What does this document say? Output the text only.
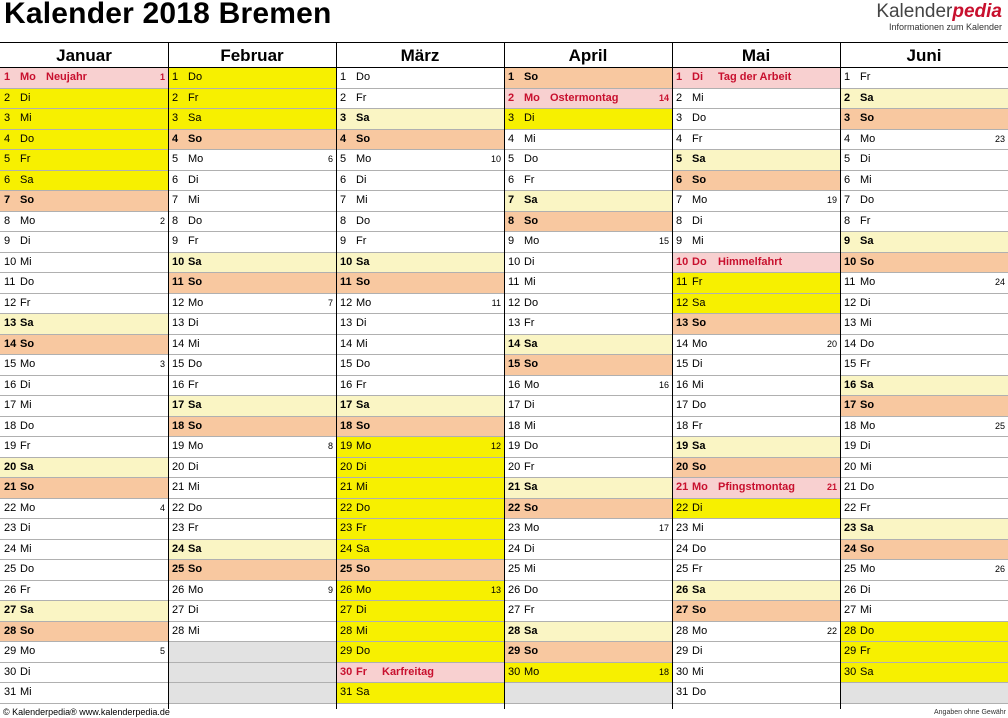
Kalender 2018 Bremen	Kalenderpedia
Informationen zum Kalender
Januar
1 Mo Neujahr	1
2 Di
3 Mi
4 Do
5 Fr
6 Sa
7 So
8 Mo	2
9 Di
10 Mi
11 Do
12 Fr
13 Sa
14 So
15 Mo	3
16 Di
17 Mi
18 Do
19 Fr
20 Sa
21 So
22 Mo	4
23 Di
24 Mi
25 Do
26 Fr
27 Sa
28 So
29 Mo	5
30 Di
31 Mi
Februar
1 Do
2 Fr
3 Sa
4 So
5 Mo	6
6 Di
7 Mi
8 Do
9 Fr
10 Sa
11 So
12 Mo	7
13 Di
14 Mi
15 Do
16 Fr
17 Sa
18 So
19 Mo	8
20 Di
21 Mi
22 Do
23 Fr
24 Sa
25 So
26 Mo	9
27 Di
28 Mi
März
1 Do
2 Fr
3 Sa
4 So
5 Mo	10
6 Di
7 Mi
8 Do
9 Fr
10 Sa
11 So
12 Mo	11
13 Di
14 Mi
15 Do
16 Fr
17 Sa
18 So
19 Mo	12
20 Di
21 Mi
22 Do
23 Fr
24 Sa
25 So
26 Mo	13
27 Di
28 Mi
29 Do
30 Fr Karfreitag
31 Sa
April
1 So
2 Mo Ostermontag	14
3 Di
4 Mi
5 Do
6 Fr
7 Sa
8 So
9 Mo	15
10 Di
11 Mi
12 Do
13 Fr
14 Sa
15 So
16 Mo	16
17 Di
18 Mi
19 Do
20 Fr
21 Sa
22 So
23 Mo	17
24 Di
25 Mi
26 Do
27 Fr
28 Sa
29 So
30 Mo	18
Mai
1 Di Tag der Arbeit
2 Mi
3 Do
4 Fr
5 Sa
6 So
7 Mo	19
8 Di
9 Mi
10 Do Himmelfahrt
11 Fr
12 Sa
13 So
14 Mo	20
15 Di
16 Mi
17 Do
18 Fr
19 Sa
20 So
21 Mo Pfingstmontag	21
22 Di
23 Mi
24 Do
25 Fr
26 Sa
27 So
28 Mo	22
29 Di
30 Mi
31 Do
Juni
1 Fr
2 Sa
3 So
4 Mo	23
5 Di
6 Mi
7 Do
8 Fr
9 Sa
10 So
11 Mo	24
12 Di
13 Mi
14 Do
15 Fr
16 Sa
17 So
18 Mo	25
19 Di
20 Mi
21 Do
22 Fr
23 Sa
24 So
25 Mo	26
26 Di
27 Mi
28 Do
29 Fr
30 Sa
© Kalenderpedia® www.kalenderpedia.de	Angaben ohne Gewähr
